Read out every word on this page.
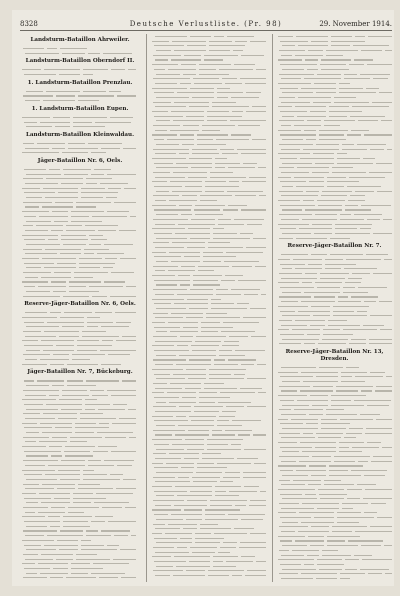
8328	Deutsche Verlustliste. (Pr. 98)	29. November 1914.
Landsturm-Bataillon Ahrweiler.
Landsturm-Bataillon Oberndorf II.
1. Landsturm-Bataillon Prenzlau.
1. Landsturm-Bataillon Eupen.
Landsturm-Bataillon Kleinwaldau.
Jäger-Bataillon Nr. 6, Oels.
Reserve-Jäger-Bataillon Nr. 6, Oels.
Jäger-Bataillon Nr. 7, Bückeburg.
Reserve-Jäger-Bataillon Nr. 7.
Reserve-Jäger-Bataillon Nr. 13, Dresden.
